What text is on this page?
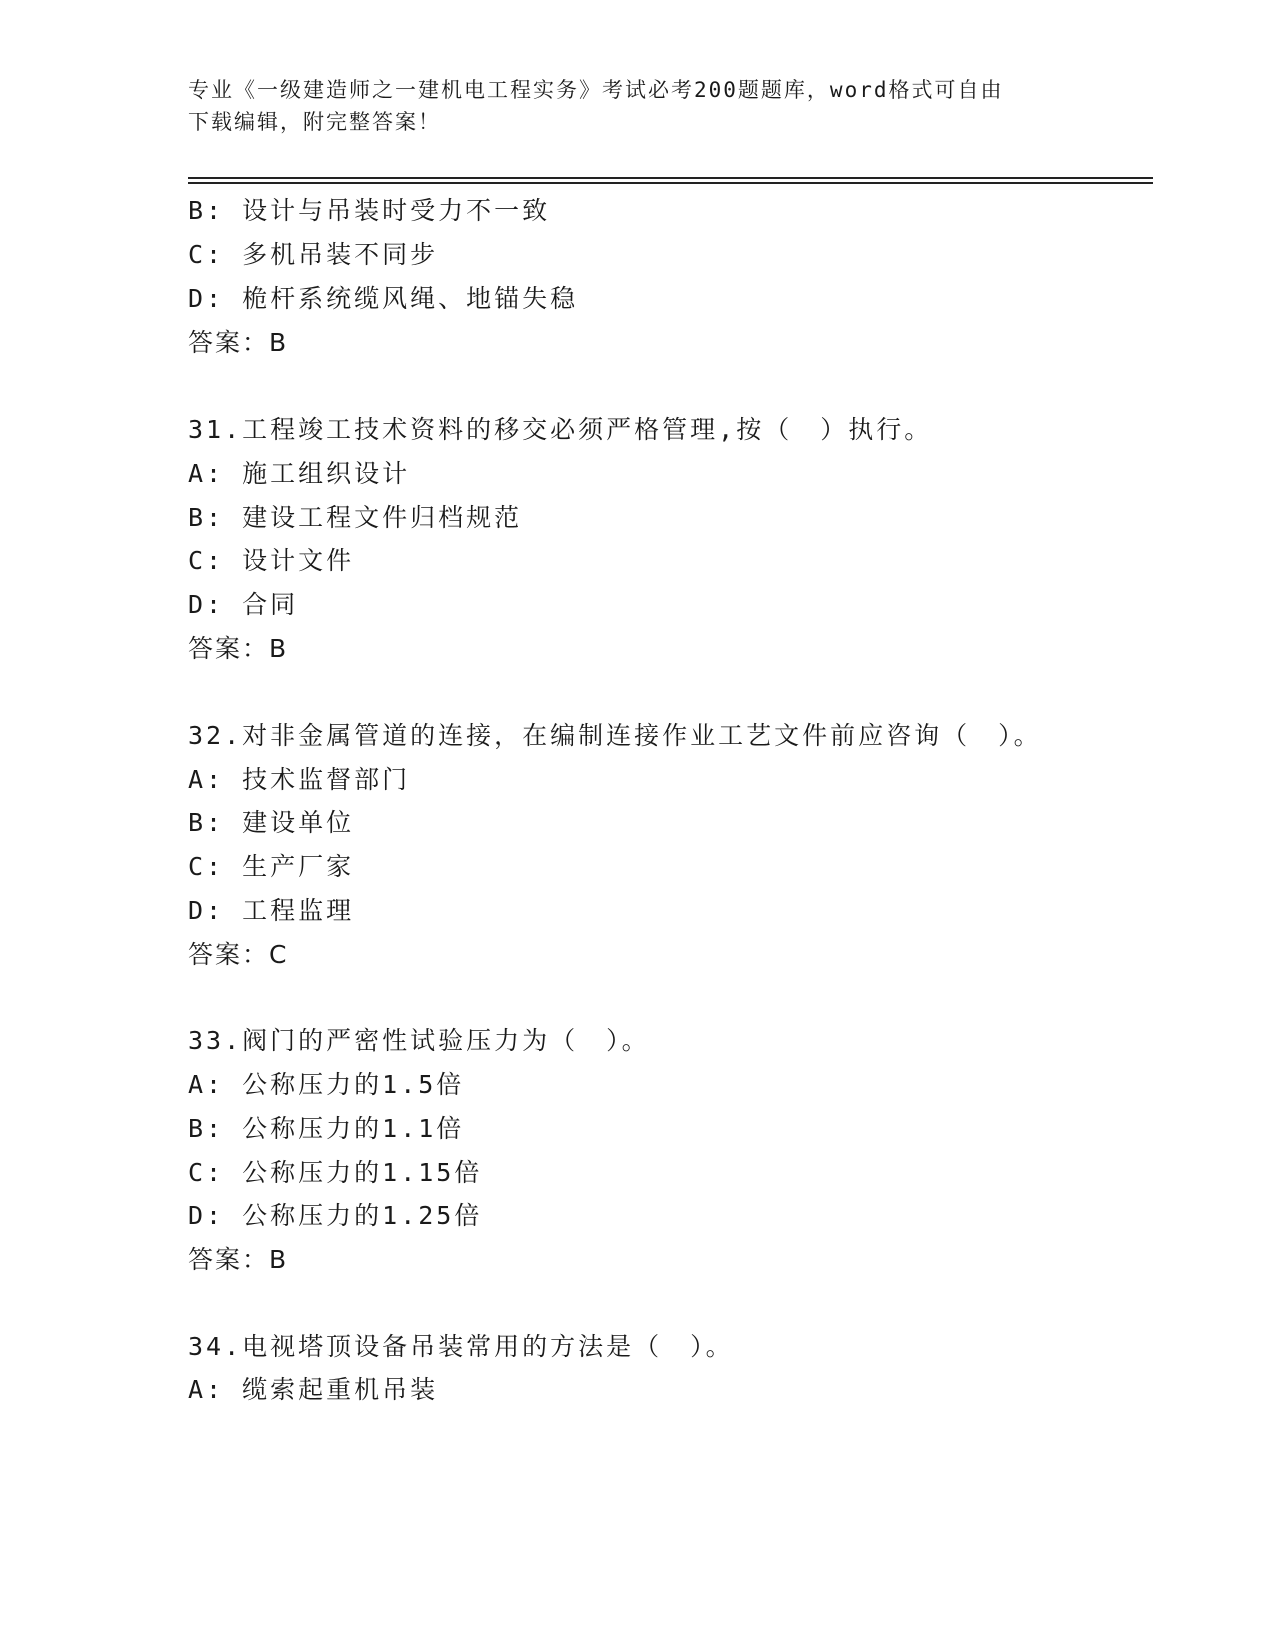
专业《一级建造师之一建机电工程实务》考试必考200题题库，word格式可自由
下载编辑，附完整答案！
B: 设计与吊装时受力不一致
C: 多机吊装不同步
D: 桅杆系统缆风绳、地锚失稳
答案：B
31.工程竣工技术资料的移交必须严格管理,按（　）执行。
A: 施工组织设计
B: 建设工程文件归档规范
C: 设计文件
D: 合同
答案：B
32.对非金属管道的连接，在编制连接作业工艺文件前应咨询（　）。
A: 技术监督部门
B: 建设单位
C: 生产厂家
D: 工程监理
答案：C
33.阀门的严密性试验压力为（　）。
A: 公称压力的1.5倍
B: 公称压力的1.1倍
C: 公称压力的1.15倍
D: 公称压力的1.25倍
答案：B
34.电视塔顶设备吊装常用的方法是（　）。
A: 缆索起重机吊装
